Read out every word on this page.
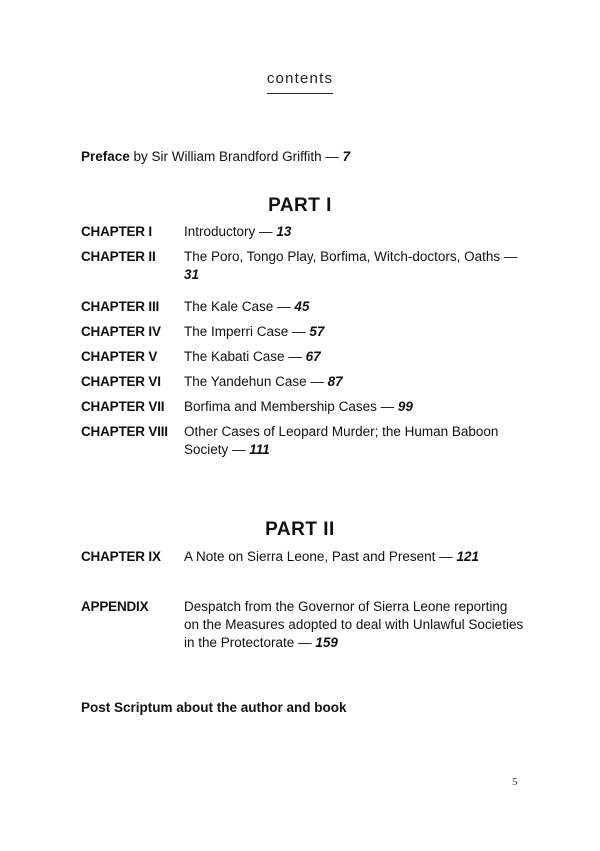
contents
Preface by Sir William Brandford Griffith — 7
PART I
CHAPTER I Introductory — 13
CHAPTER II The Poro, Tongo Play, Borfima, Witch-doctors, Oaths — 31
CHAPTER III The Kale Case — 45
CHAPTER IV The Imperri Case — 57
CHAPTER V The Kabati Case — 67
CHAPTER VI The Yandehun Case — 87
CHAPTER VII Borfima and Membership Cases — 99
CHAPTER VIII Other Cases of Leopard Murder; the Human Baboon Society — 111
PART II
CHAPTER IX A Note on Sierra Leone, Past and Present — 121
APPENDIX	Despatch from the Governor of Sierra Leone reporting on the Measures adopted to deal with Unlawful Societies in the Protectorate — 159
Post Scriptum about the author and book
5
